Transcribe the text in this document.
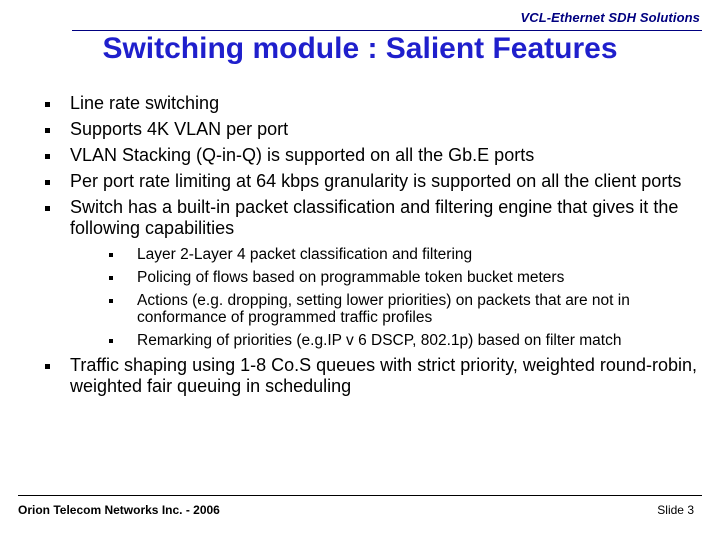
VCL-Ethernet SDH Solutions
Switching module : Salient Features
Line rate switching
Supports 4K VLAN per port
VLAN Stacking (Q-in-Q) is supported on all the Gb.E ports
Per port rate limiting at 64 kbps granularity is supported on all the client ports
Switch has a built-in packet classification and filtering engine that gives it the following capabilities
Layer 2-Layer 4 packet classification and filtering
Policing of flows based on programmable token bucket meters
Actions (e.g. dropping, setting lower priorities) on packets that are not in conformance of programmed traffic profiles
Remarking of priorities (e.g.IP v 6 DSCP, 802.1p) based on filter match
Traffic shaping using 1-8 Co.S queues with strict priority, weighted round-robin, weighted fair queuing in scheduling
Orion Telecom Networks Inc. - 2006	Slide 3
